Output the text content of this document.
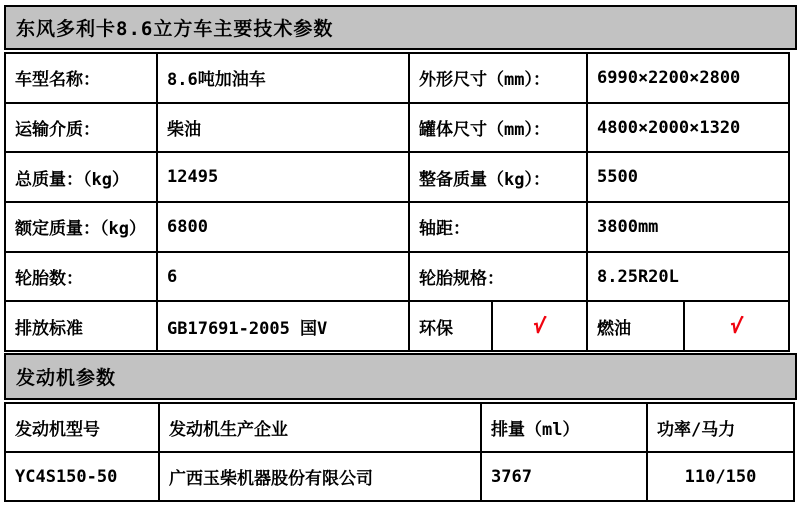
东风多利卡8.6立方车主要技术参数
车型名称：	8.6吨加油车	外形尺寸（mm）：	6990×2200×2800
运输介质：	柴油	罐体尺寸（mm）：	4800×2000×1320
总质量：（kg）	12495	整备质量（kg）：	5500
额定质量：（kg）	6800	轴距：	3800mm
轮胎数：	6	轮胎规格：	8.25R20L
排放标准	GB17691-2005 国V	环保	√	燃油	√
发动机参数
发动机型号	发动机生产企业	排量（ml）	功率/马力
YC4S150-50	广西玉柴机器股份有限公司	3767	110/150
